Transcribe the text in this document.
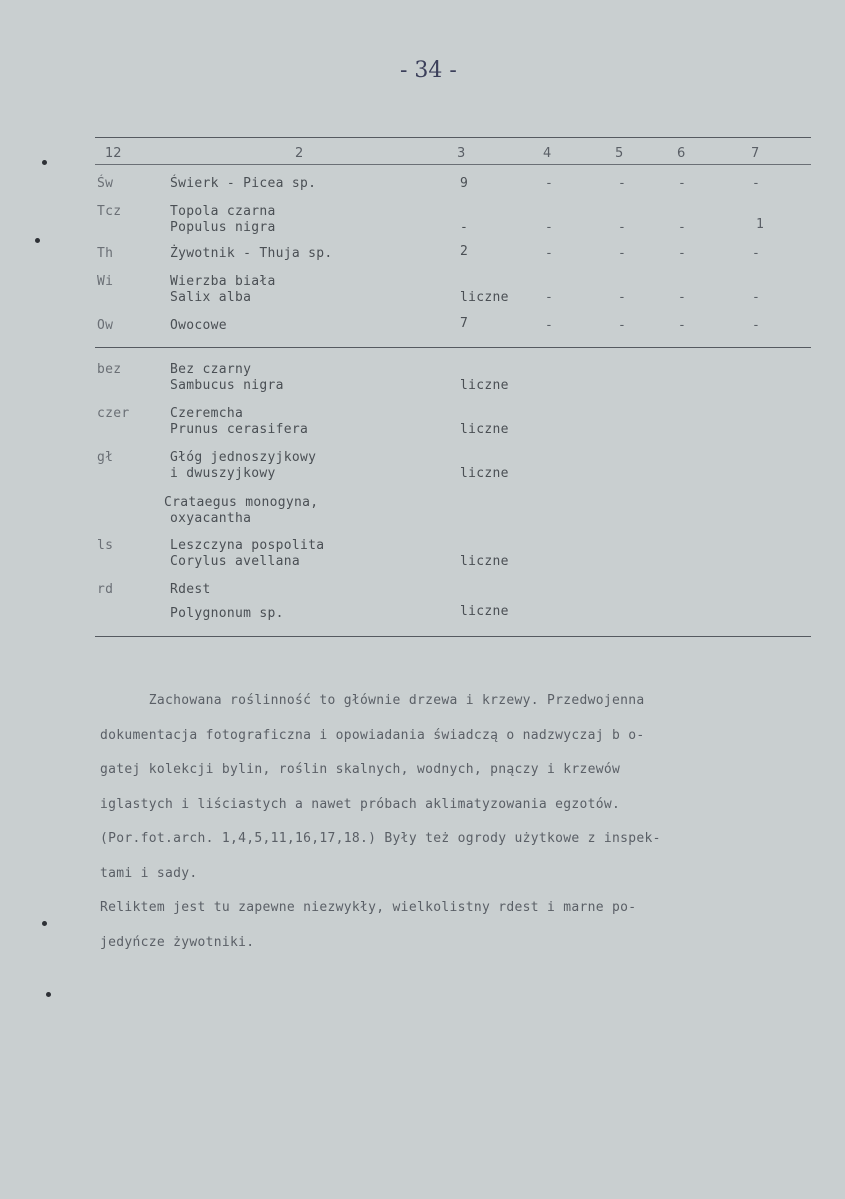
- 34 -
12	2	3	4	5	6	7
Św	Świerk - Picea sp.	9	-	-	-	-
Tcz	Topola czarna
Populus nigra	-	-	-	-	1
Th	Żywotnik - Thuja sp.	2	-	-	-	-
Wi	Wierzba biała
Salix alba	liczne	-	-	-	-
Ow	Owocowe	7	-	-	-	-
bez	Bez czarny
Sambucus nigra	liczne
czer	Czeremcha
Prunus cerasifera	liczne
gł	Głóg jednoszyjkowy
i dwuszyjkowy	liczne
Crataegus monogyna,
oxyacantha
ls	Leszczyna pospolita
Corylus avellana	liczne
rd	Rdest
Polygnonum sp.	liczne

Zachowana roślinność to głównie drzewa i krzewy. Przedwojenna

dokumentacja fotograficzna i opowiadania świadczą o nadzwyczaj b o-

gatej kolekcji bylin, roślin skalnych, wodnych, pnączy i krzewów

iglastych i liściastych a nawet próbach aklimatyzowania egzotów.

(Por.fot.arch. 1,4,5,11,16,17,18.) Były też ogrody użytkowe z inspek-

tami i sady.

Reliktem jest tu zapewne niezwykły, wielkolistny rdest i marne po-

jedyńcze żywotniki.
